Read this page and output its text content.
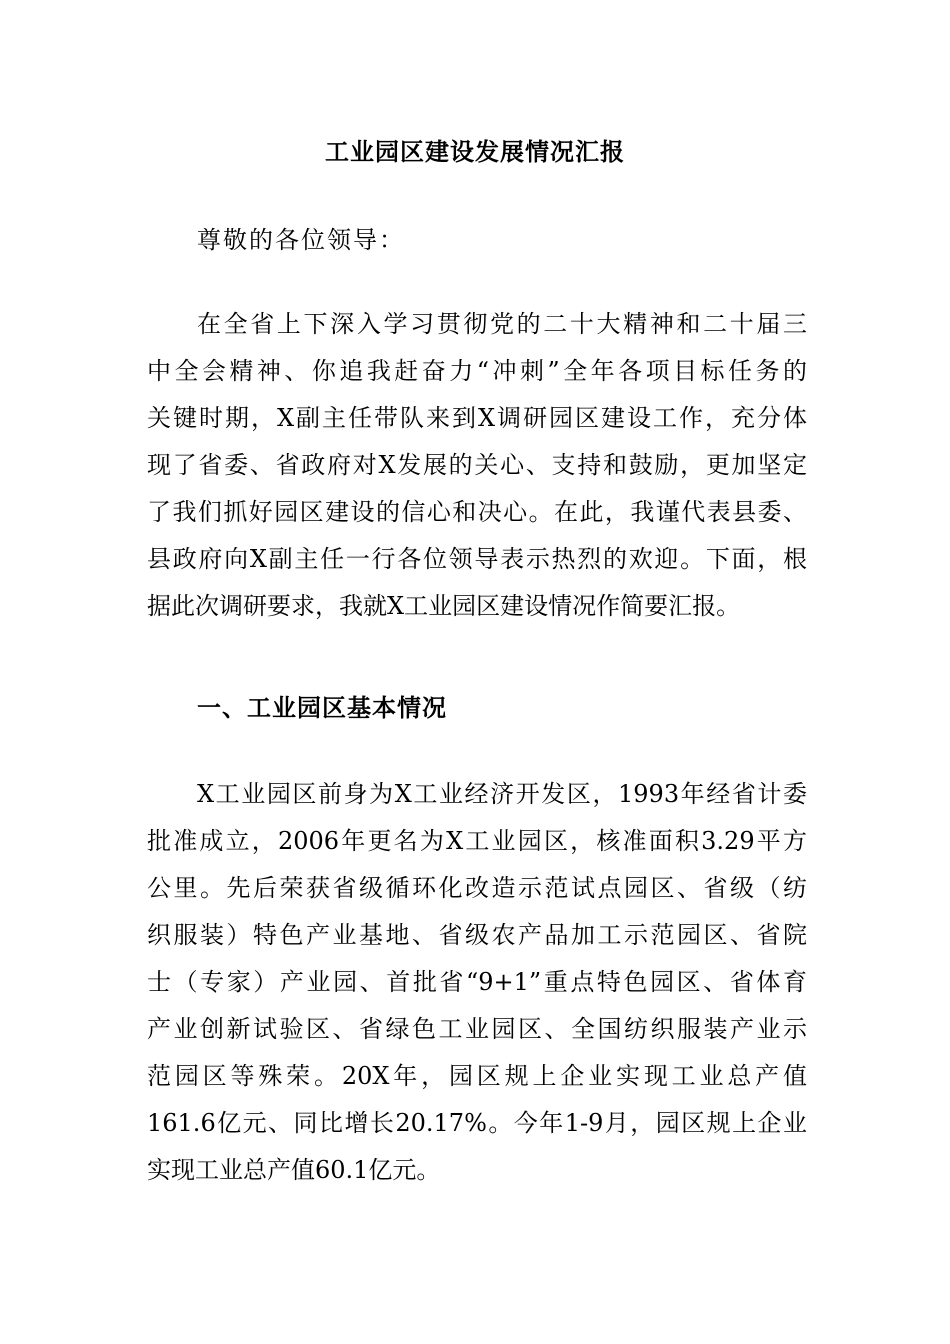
工业园区建设发展情况汇报
尊敬的各位领导：
在全省上下深入学习贯彻党的二十大精神和二十届三
中全会精神、你追我赶奋力“冲刺”全年各项目标任务的
关键时期，X副主任带队来到X调研园区建设工作，充分体
现了省委、省政府对X发展的关心、支持和鼓励，更加坚定
了我们抓好园区建设的信心和决心。在此，我谨代表县委、
县政府向X副主任一行各位领导表示热烈的欢迎。下面，根
据此次调研要求，我就X工业园区建设情况作简要汇报。
一、工业园区基本情况
X工业园区前身为X工业经济开发区，1993年经省计委
批准成立，2006年更名为X工业园区，核准面积3.29平方
公里。先后荣获省级循环化改造示范试点园区、省级（纺
织服装）特色产业基地、省级农产品加工示范园区、省院
士（专家）产业园、首批省“9+1”重点特色园区、省体育
产业创新试验区、省绿色工业园区、全国纺织服装产业示
范园区等殊荣。20X年，园区规上企业实现工业总产值
161.6亿元、同比增长20.17%。今年1-9月，园区规上企业
实现工业总产值60.1亿元。
